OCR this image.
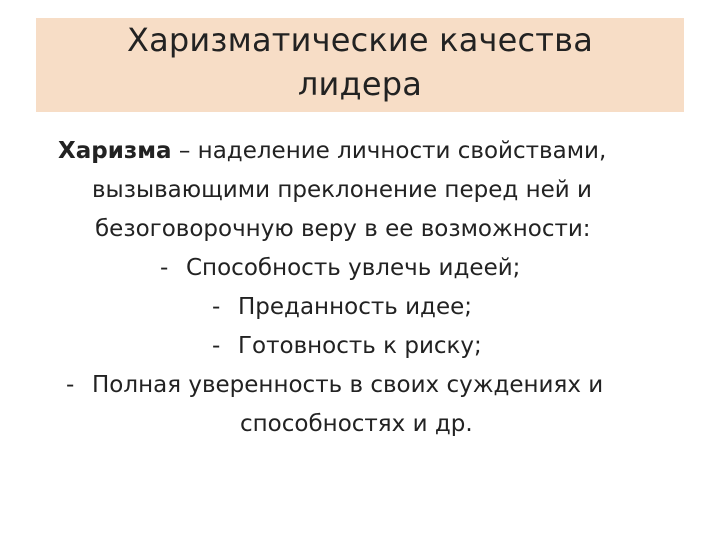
Харизматические качества
лидера
Харизма – наделение личности свойствами,
вызывающими преклонение перед ней и
безоговорочную веру в ее возможности:
- Способность увлечь идеей;
- Преданность идее;
- Готовность к риску;
- Полная уверенность в своих суждениях и
способностях и др.
